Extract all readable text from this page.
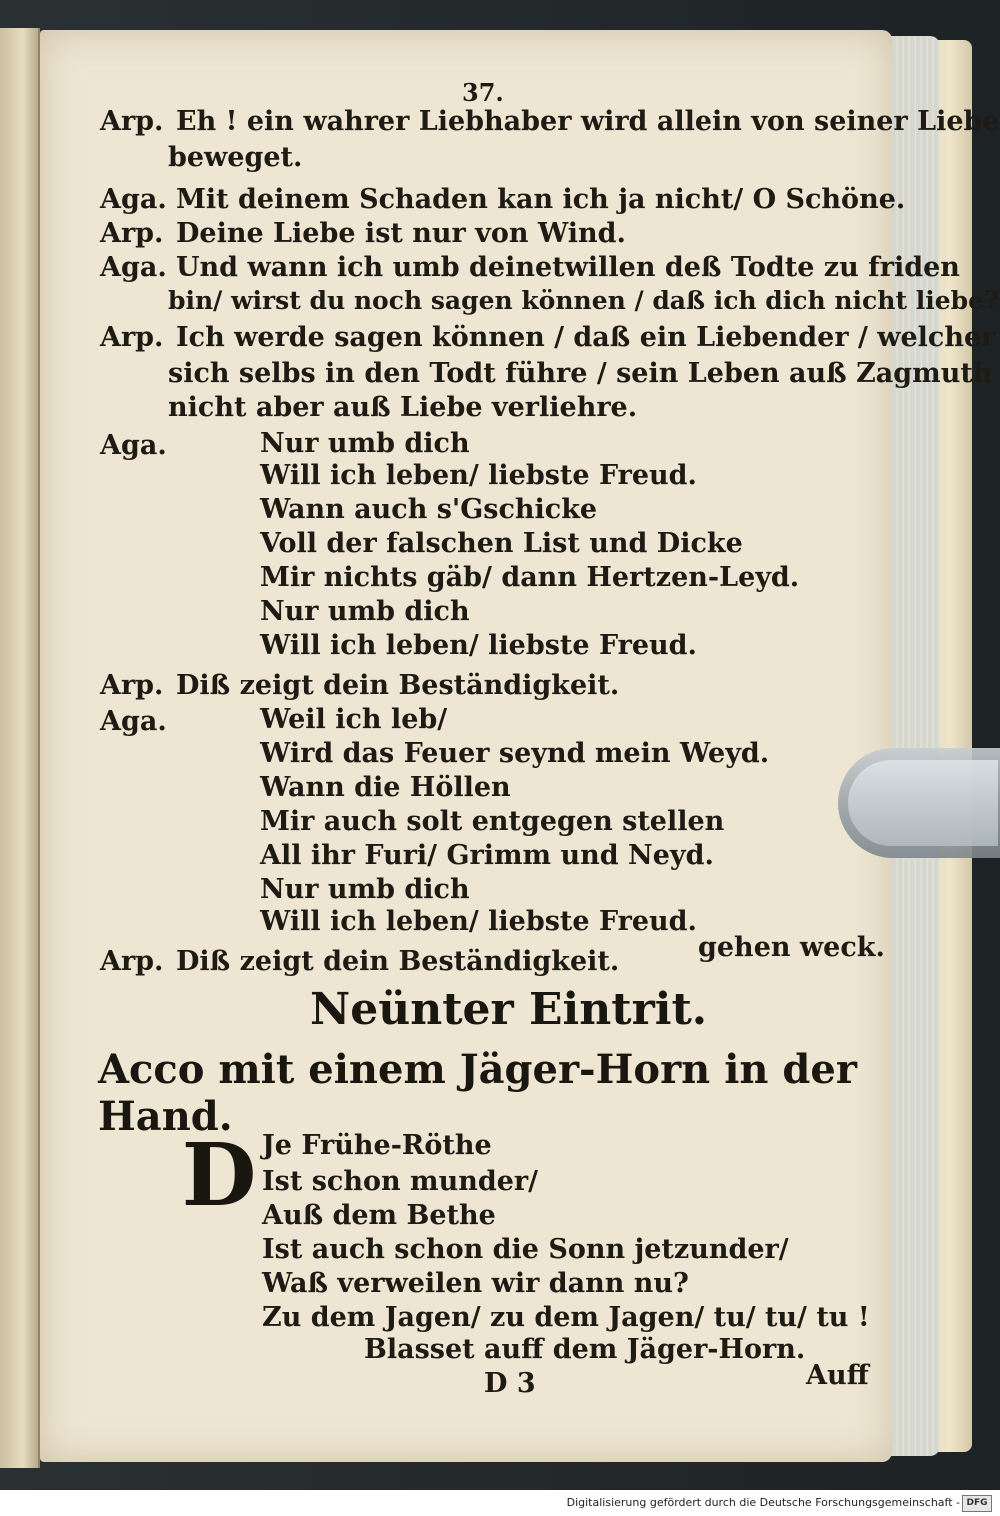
37.
Arp. Eh ! ein wahrer Liebhaber wird allein von seiner Liebe
beweget.
Aga. Mit deinem Schaden kan ich ja nicht/ O Schöne.
Arp. Deine Liebe ist nur von Wind.
Aga. Und wann ich umb deinetwillen deß Todte zu friden
bin/ wirst du noch sagen können / daß ich dich nicht liebe?
Arp. Ich werde sagen können / daß ein Liebender / welcher
sich selbs in den Todt führe / sein Leben auß Zagmuth
nicht aber auß Liebe verliehre.
Aga.	Nur umb dich
Will ich leben/ liebste Freud.
Wann auch s'Gschicke
Voll der falschen List und Dicke
Mir nichts gäb/ dann Hertzen-Leyd.
Nur umb dich
Will ich leben/ liebste Freud.
Arp. Diß zeigt dein Beständigkeit.
Aga.	Weil ich leb/
Wird das Feuer seynd mein Weyd.
Wann die Höllen
Mir auch solt entgegen stellen
All ihr Furi/ Grimm und Neyd.
Nur umb dich
Will ich leben/ liebste Freud.
Arp. Diß zeigt dein Beständigkeit.	gehen weck.
Neünter Eintrit.
Acco mit einem Jäger-Horn in der Hand.
D Je Frühe-Röthe
Ist schon munder/
Auß dem Bethe
Ist auch schon die Sonn jetzunder/
Waß verweilen wir dann nu?
Zu dem Jagen/ zu dem Jagen/ tu/ tu/ tu !
Blasset auff dem Jäger-Horn.
D 3	Auff
Digitalisierung gefördert durch die Deutsche Forschungsgemeinschaft - DFG
